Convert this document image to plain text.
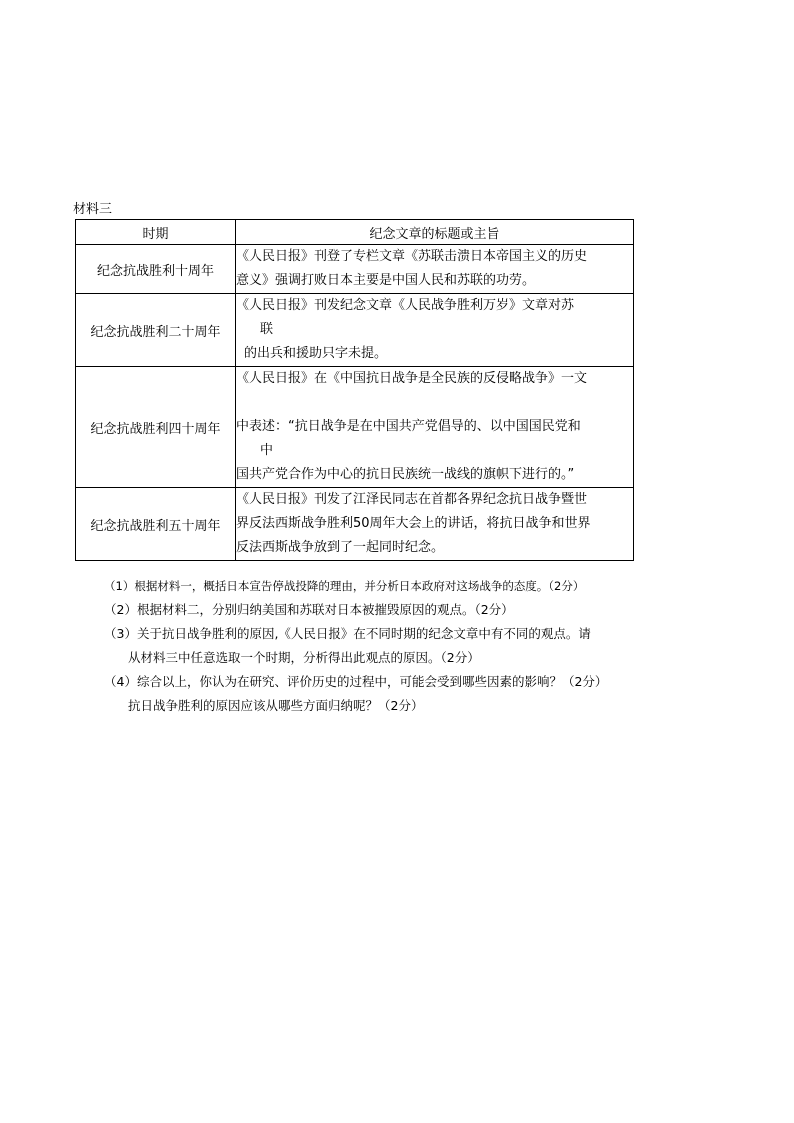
材料三
时期	纪念文章的标题或主旨
纪念抗战胜利十周年	《人民日报》刊登了专栏文章《苏联击溃日本帝国主义的历史
意义》强调打败日本主要是中国人民和苏联的功劳。

纪念抗战胜利二十周年	《人民日报》刊发纪念文章《人民战争胜利万岁》文章对苏
联
的出兵和援助只字未提。

纪念抗战胜利四十周年	《人民日报》在《中国抗日战争是全民族的反侵略战争》一文
中表述：“抗日战争是在中国共产党倡导的、以中国国民党和
中
国共产党合作为中心的抗日民族统一战线的旗帜下进行的。”

纪念抗战胜利五十周年	《人民日报》刊发了江泽民同志在首都各界纪念抗日战争暨世
界反法西斯战争胜利50周年大会上的讲话，将抗日战争和世界
反法西斯战争放到了一起同时纪念。
（1）根据材料一，概括日本宣告停战投降的理由，并分析日本政府对这场战争的态度。（2分）
（2）根据材料二，分别归纳美国和苏联对日本被摧毁原因的观点。（2分）
（3）关于抗日战争胜利的原因,《人民日报》在不同时期的纪念文章中有不同的观点。请
从材料三中任意选取一个时期，分析得出此观点的原因。（2分）
（4）综合以上，你认为在研究、评价历史的过程中，可能会受到哪些因素的影响？（2分）
抗日战争胜利的原因应该从哪些方面归纳呢？（2分）
